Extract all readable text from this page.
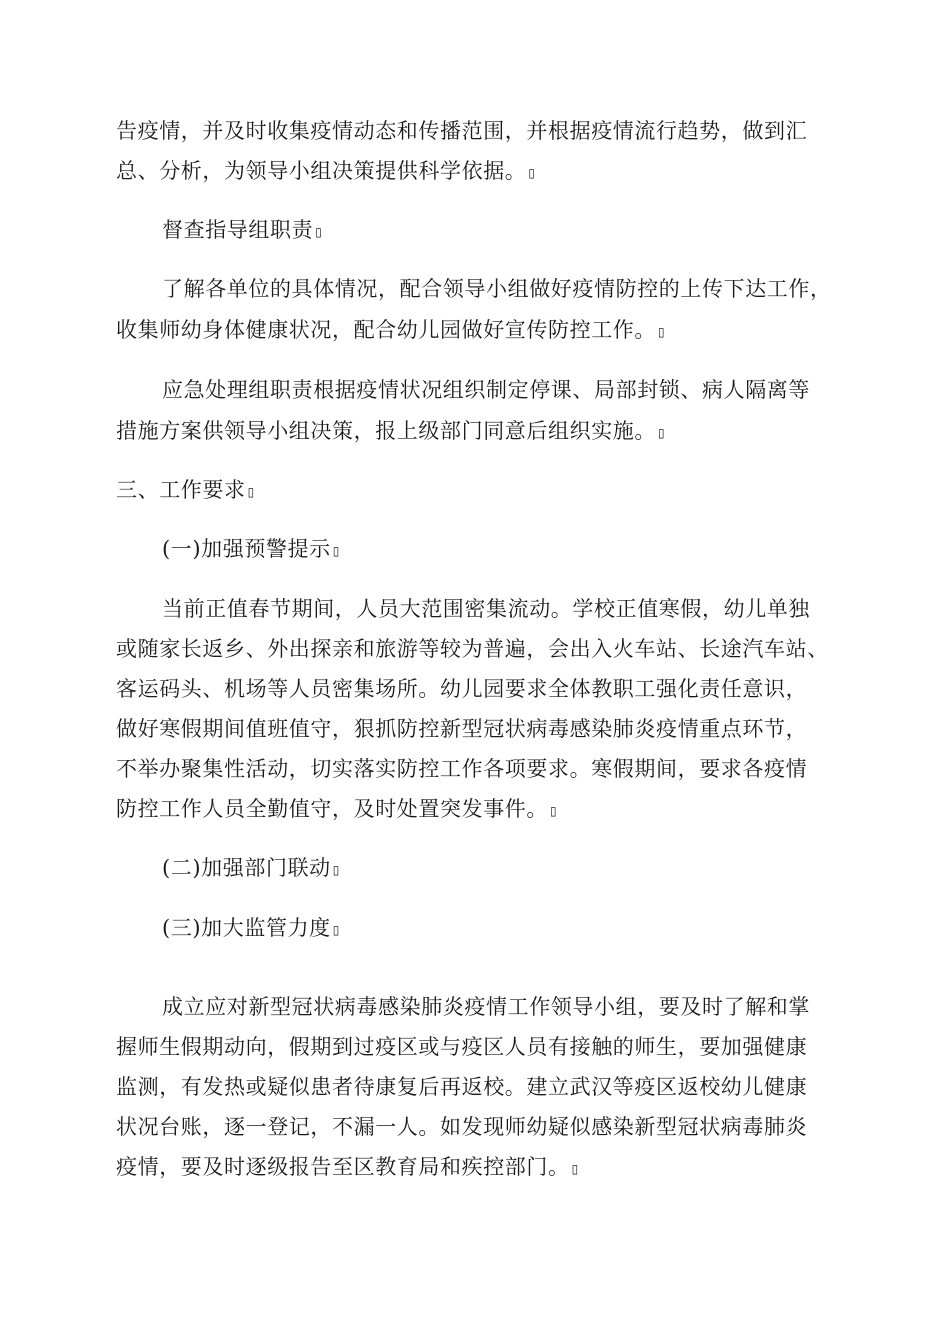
告疫情，并及时收集疫情动态和传播范围，并根据疫情流行趋势，做到汇
总、分析，为领导小组决策提供科学依据。 ▯
督查指导组职责 ▯
了解各单位的具体情况，配合领导小组做好疫情防控的上传下达工作，
收集师幼身体健康状况，配合幼儿园做好宣传防控工作。 ▯
应急处理组职责根据疫情状况组织制定停课、局部封锁、病人隔离等
措施方案供领导小组决策，报上级部门同意后组织实施。 ▯
三、工作要求 ▯
(一)加强预警提示 ▯
当前正值春节期间，人员大范围密集流动。学校正值寒假，幼儿单独
或随家长返乡、外出探亲和旅游等较为普遍，会出入火车站、长途汽车站、
客运码头、机场等人员密集场所。幼儿园要求全体教职工强化责任意识，
做好寒假期间值班值守，狠抓防控新型冠状病毒感染肺炎疫情重点环节，
不举办聚集性活动，切实落实防控工作各项要求。寒假期间，要求各疫情
防控工作人员全勤值守，及时处置突发事件。 ▯
(二)加强部门联动 ▯
(三)加大监管力度 ▯
成立应对新型冠状病毒感染肺炎疫情工作领导小组，要及时了解和掌
握师生假期动向，假期到过疫区或与疫区人员有接触的师生，要加强健康
监测，有发热或疑似患者待康复后再返校。建立武汉等疫区返校幼儿健康
状况台账，逐一登记，不漏一人。如发现师幼疑似感染新型冠状病毒肺炎
疫情，要及时逐级报告至区教育局和疾控部门。 ▯
